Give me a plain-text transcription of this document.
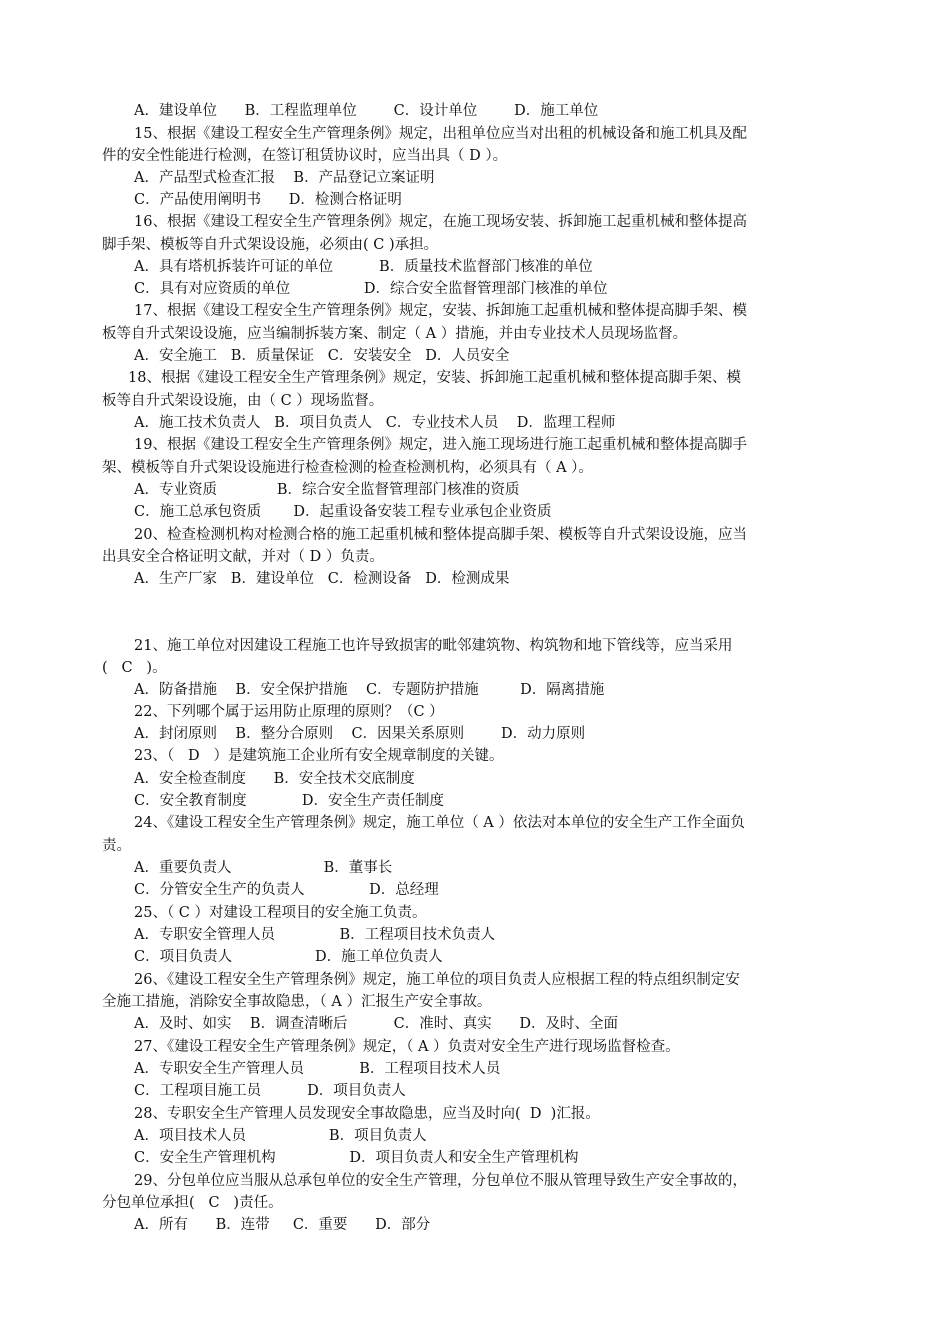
A．建设单位      B．工程监理单位        C．设计单位        D．施工单位
15、根据《建设工程安全生产管理条例》规定，出租单位应当对出租的机械设备和施工机具及配
件的安全性能进行检测，在签订租赁协议时，应当出具（ D ）。
A．产品型式检查汇报    B．产品登记立案证明
C．产品使用阐明书      D．检测合格证明
16、根据《建设工程安全生产管理条例》规定，在施工现场安装、拆卸施工起重机械和整体提高
脚手架、模板等自升式架设设施，必须由( C )承担。
A．具有塔机拆装许可证的单位          B．质量技术监督部门核准的单位
C．具有对应资质的单位                D．综合安全监督管理部门核准的单位
17、根据《建设工程安全生产管理条例》规定，安装、拆卸施工起重机械和整体提高脚手架、模
板等自升式架设设施，应当编制拆装方案、制定（ A ）措施，并由专业技术人员现场监督。
A．安全施工   B．质量保证   C．安装安全   D．人员安全
18、根据《建设工程安全生产管理条例》规定，安装、拆卸施工起重机械和整体提高脚手架、模
板等自升式架设设施，由（ C ）现场监督。
A．施工技术负责人   B．项目负责人   C．专业技术人员    D．监理工程师
19、根据《建设工程安全生产管理条例》规定，进入施工现场进行施工起重机械和整体提高脚手
架、模板等自升式架设设施进行检查检测的检查检测机构，必须具有（ A ）。
A．专业资质             B．综合安全监督管理部门核准的资质
C．施工总承包资质       D．起重设备安装工程专业承包企业资质
20、检查检测机构对检测合格的施工起重机械和整体提高脚手架、模板等自升式架设设施，应当
出具安全合格证明文献，并对（ D ）负责。
A．生产厂家   B．建设单位   C．检测设备   D．检测成果
21、施工单位对因建设工程施工也许导致损害的毗邻建筑物、构筑物和地下管线等，应当采用
(   C   )。
A．防备措施    B．安全保护措施    C．专题防护措施         D．隔离措施
22、下列哪个属于运用防止原理的原则？（C ）
A．封闭原则    B．整分合原则    C．因果关系原则        D．动力原则
23、（   D   ）是建筑施工企业所有安全规章制度的关键。
A．安全检查制度      B．安全技术交底制度
C．安全教育制度            D．安全生产责任制度
24、《建设工程安全生产管理条例》规定，施工单位（ A ）依法对本单位的安全生产工作全面负
责。
A．重要负责人                    B．董事长
C．分管安全生产的负责人              D．总经理
25、（ C ）对建设工程项目的安全施工负责。
A．专职安全管理人员              B．工程项目技术负责人
C．项目负责人                  D．施工单位负责人
26、《建设工程安全生产管理条例》规定，施工单位的项目负责人应根据工程的特点组织制定安
全施工措施，消除安全事故隐患，（ A ）汇报生产安全事故。
A．及时、如实    B．调查清晰后          C．准时、真实      D．及时、全面
27、《建设工程安全生产管理条例》规定，（ A ）负责对安全生产进行现场监督检查。
A．专职安全生产管理人员            B．工程项目技术人员
C．工程项目施工员          D．项目负责人
28、专职安全生产管理人员发现安全事故隐患，应当及时向(  D  )汇报。
A．项目技术人员                  B．项目负责人
C．安全生产管理机构                D．项目负责人和安全生产管理机构
29、分包单位应当服从总承包单位的安全生产管理，分包单位不服从管理导致生产安全事故的，
分包单位承担(   C   )责任。
A．所有      B．连带     C．重要      D．部分
